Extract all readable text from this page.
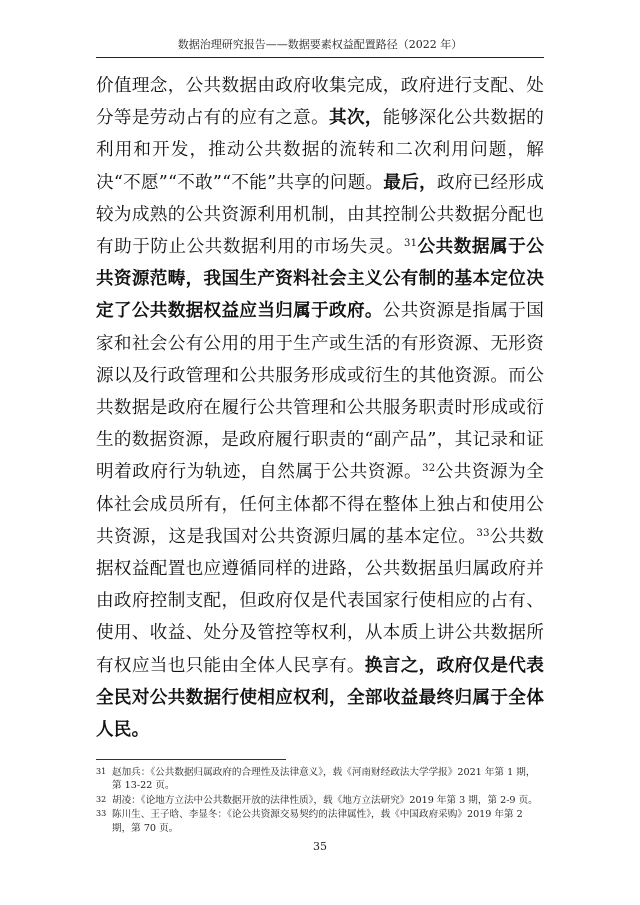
数据治理研究报告——数据要素权益配置路径（2022 年）
价值理念，公共数据由政府收集完成，政府进行支配、处分等是劳动占有的应有之意。其次，能够深化公共数据的利用和开发，推动公共数据的流转和二次利用问题，解决“不愿”“不敢”“不能”共享的问题。最后，政府已经形成较为成熟的公共资源利用机制，由其控制公共数据分配也有助于防止公共数据利用的市场失灵。$^{31}$公共数据属于公共资源范畴，我国生产资料社会主义公有制的基本定位决定了公共数据权益应当归属于政府。公共资源是指属于国家和社会公有公用的用于生产或生活的有形资源、无形资源以及行政管理和公共服务形成或衍生的其他资源。而公共数据是政府在履行公共管理和公共服务职责时形成或衍生的数据资源，是政府履行职责的“副产品”，其记录和证明着政府行为轨迹，自然属于公共资源。$^{32}$公共资源为全体社会成员所有，任何主体都不得在整体上独占和使用公共资源，这是我国对公共资源归属的基本定位。$^{33}$公共数据权益配置也应遵循同样的进路，公共数据虽归属政府并由政府控制支配，但政府仅是代表国家行使相应的占有、使用、收益、处分及管控等权利，从本质上讲公共数据所有权应当也只能由全体人民享有。换言之，政府仅是代表全民对公共数据行使相应权利，全部收益最终归属于全体人民。

31 赵加兵：《公共数据归属政府的合理性及法律意义》，载《河南财经政法大学学报》2021 年第 1 期，第 13-22 页。

32 胡凌：《论地方立法中公共数据开放的法律性质》，载《地方立法研究》2019 年第 3 期，第 2-9 页。

33 陈川生、王子晗、李显冬：《论公共资源交易契约的法律属性》，载《中国政府采购》2019 年第 2 期，第 70 页。

35
